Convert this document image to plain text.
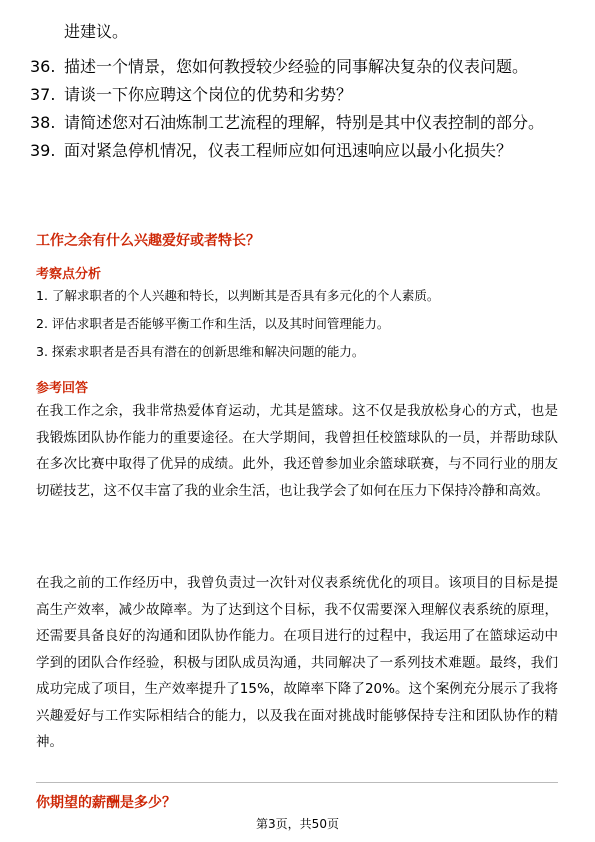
进建议。
36. 描述一个情景，您如何教授较少经验的同事解决复杂的仪表问题。
37. 请谈一下你应聘这个岗位的优势和劣势？
38. 请简述您对石油炼制工艺流程的理解，特别是其中仪表控制的部分。
39. 面对紧急停机情况，仪表工程师应如何迅速响应以最小化损失？
工作之余有什么兴趣爱好或者特长？
考察点分析
1. 了解求职者的个人兴趣和特长，以判断其是否具有多元化的个人素质。
2. 评估求职者是否能够平衡工作和生活，以及其时间管理能力。
3. 探索求职者是否具有潜在的创新思维和解决问题的能力。
参考回答
在我工作之余，我非常热爱体育运动，尤其是篮球。这不仅是我放松身心的方式，也是我锻炼团队协作能力的重要途径。在大学期间，我曾担任校篮球队的一员，并帮助球队在多次比赛中取得了优异的成绩。此外，我还曾参加业余篮球联赛，与不同行业的朋友切磋技艺，这不仅丰富了我的业余生活，也让我学会了如何在压力下保持冷静和高效。
在我之前的工作经历中，我曾负责过一次针对仪表系统优化的项目。该项目的目标是提高生产效率，减少故障率。为了达到这个目标，我不仅需要深入理解仪表系统的原理，还需要具备良好的沟通和团队协作能力。在项目进行的过程中，我运用了在篮球运动中学到的团队合作经验，积极与团队成员沟通，共同解决了一系列技术难题。最终，我们成功完成了项目，生产效率提升了15%，故障率下降了20%。这个案例充分展示了我将兴趣爱好与工作实际相结合的能力，以及我在面对挑战时能够保持专注和团队协作的精神。
你期望的薪酬是多少？
第3页，共50页
